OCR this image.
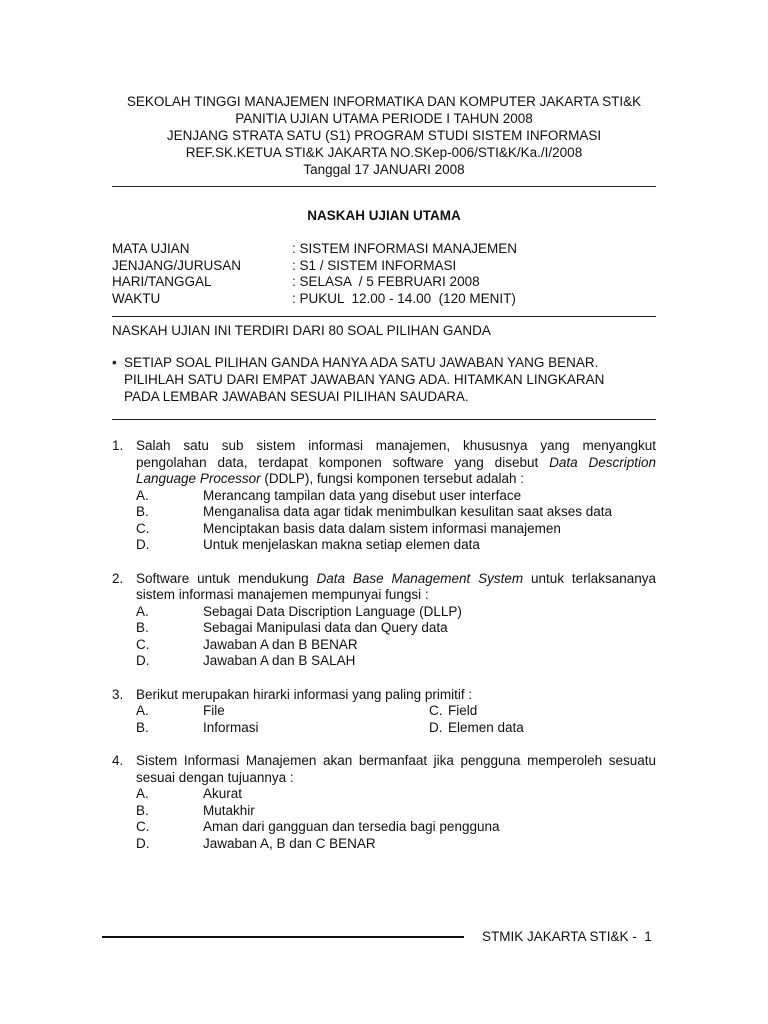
SEKOLAH TINGGI MANAJEMEN INFORMATIKA DAN KOMPUTER JAKARTA STI&K
PANITIA UJIAN UTAMA PERIODE I TAHUN 2008
JENJANG STRATA SATU (S1) PROGRAM STUDI SISTEM INFORMASI
REF.SK.KETUA STI&K JAKARTA NO.SKep-006/STI&K/Ka./I/2008
Tanggal 17 JANUARI 2008
NASKAH UJIAN UTAMA
MATA UJIAN	: SISTEM INFORMASI MANAJEMEN
JENJANG/JURUSAN	: S1 / SISTEM INFORMASI
HARI/TANGGAL	: SELASA  / 5 FEBRUARI 2008
WAKTU	: PUKUL  12.00 - 14.00  (120 MENIT)
NASKAH UJIAN INI TERDIRI DARI 80 SOAL PILIHAN GANDA
• SETIAP SOAL PILIHAN GANDA HANYA ADA SATU JAWABAN YANG BENAR.
PILIHLAH SATU DARI EMPAT JAWABAN YANG ADA. HITAMKAN LINGKARAN
PADA LEMBAR JAWABAN SESUAI PILIHAN SAUDARA.
1. Salah satu sub sistem informasi manajemen, khususnya yang menyangkut pengolahan data, terdapat komponen software yang disebut Data Description Language Processor (DDLP), fungsi komponen tersebut adalah :
A.	Merancang tampilan data yang disebut user interface
B.	Menganalisa data agar tidak menimbulkan kesulitan saat akses data
C.	Menciptakan basis data dalam sistem informasi manajemen
D.	Untuk menjelaskan makna setiap elemen data
2. Software untuk mendukung Data Base Management System untuk terlaksananya sistem informasi manajemen mempunyai fungsi :
A.	Sebagai Data Discription Language (DLLP)
B.	Sebagai Manipulasi data dan Query data
C.	Jawaban A dan B BENAR
D.	Jawaban A dan B SALAH
3. Berikut merupakan hirarki informasi yang paling primitif :
A.	File	C. Field
B.	Informasi	D. Elemen data
4. Sistem Informasi Manajemen akan bermanfaat jika pengguna memperoleh sesuatu sesuai dengan tujuannya :
A.	Akurat
B.	Mutakhir
C.	Aman dari gangguan dan tersedia bagi pengguna
D.	Jawaban A, B dan C BENAR
STMIK JAKARTA STI&K -  1
